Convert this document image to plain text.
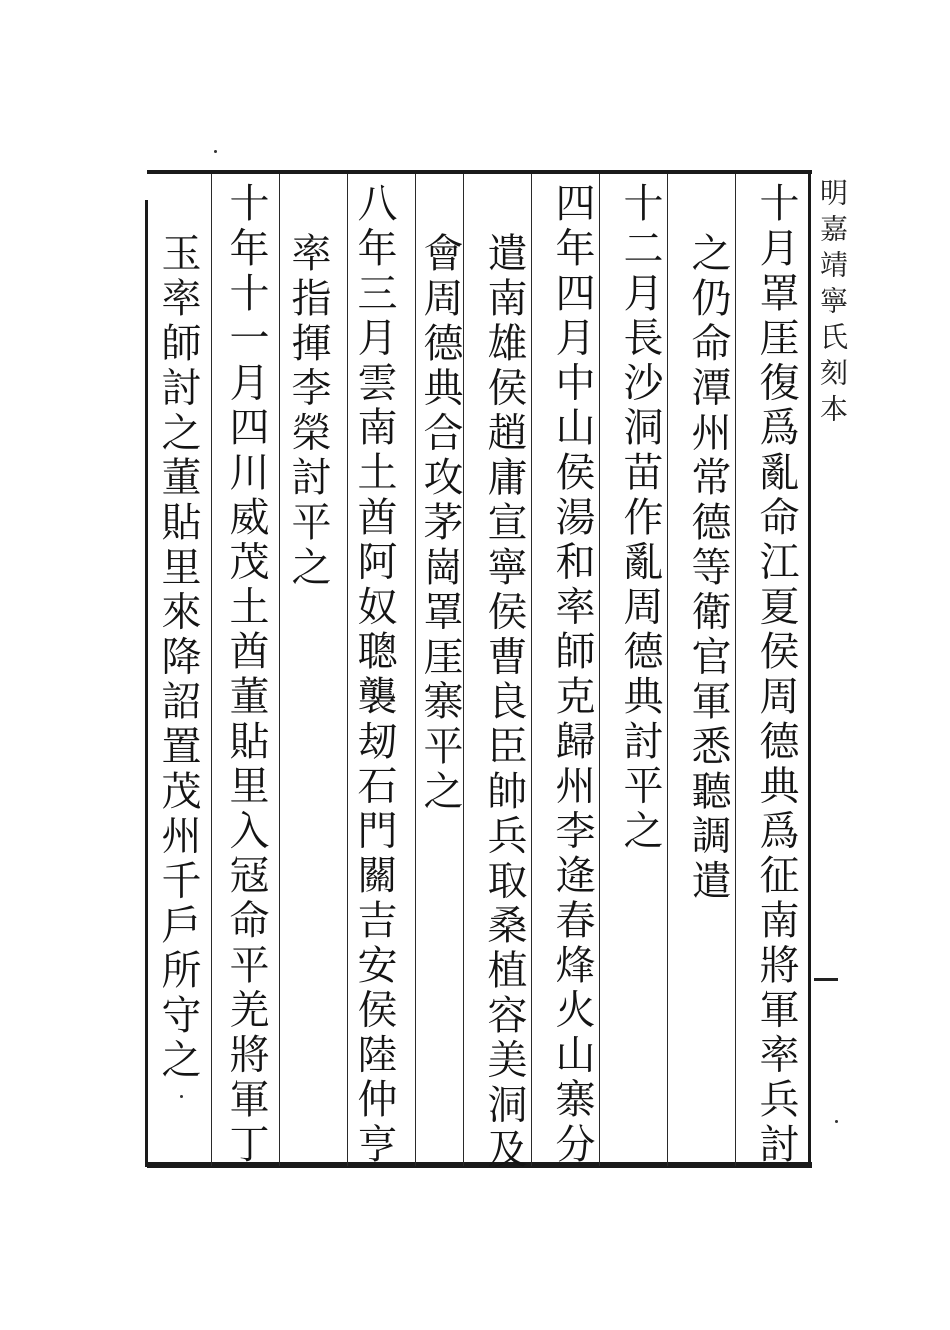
明嘉靖寧氏刻本
十月罩厓復爲亂命江夏侯周德典爲征南將軍率兵討
之仍命潭州常德等衛官軍悉聽調遣
十二月長沙洞苗作亂周德典討平之
四年四月中山侯湯和率師克歸州李逄春烽火山寨分
遣南雄侯趙庸宣寧侯曹良臣帥兵取桑植容美洞及
會周德典合攻茅崗罩厓寨平之
八年三月雲南土酋阿奴聰襲刼石門關吉安侯陸仲亨
率指揮李榮討平之
十年十一月四川威茂土酋董貼里入冦命平羌將軍丁
玉率師討之董貼里來降詔置茂州千戶所守之
